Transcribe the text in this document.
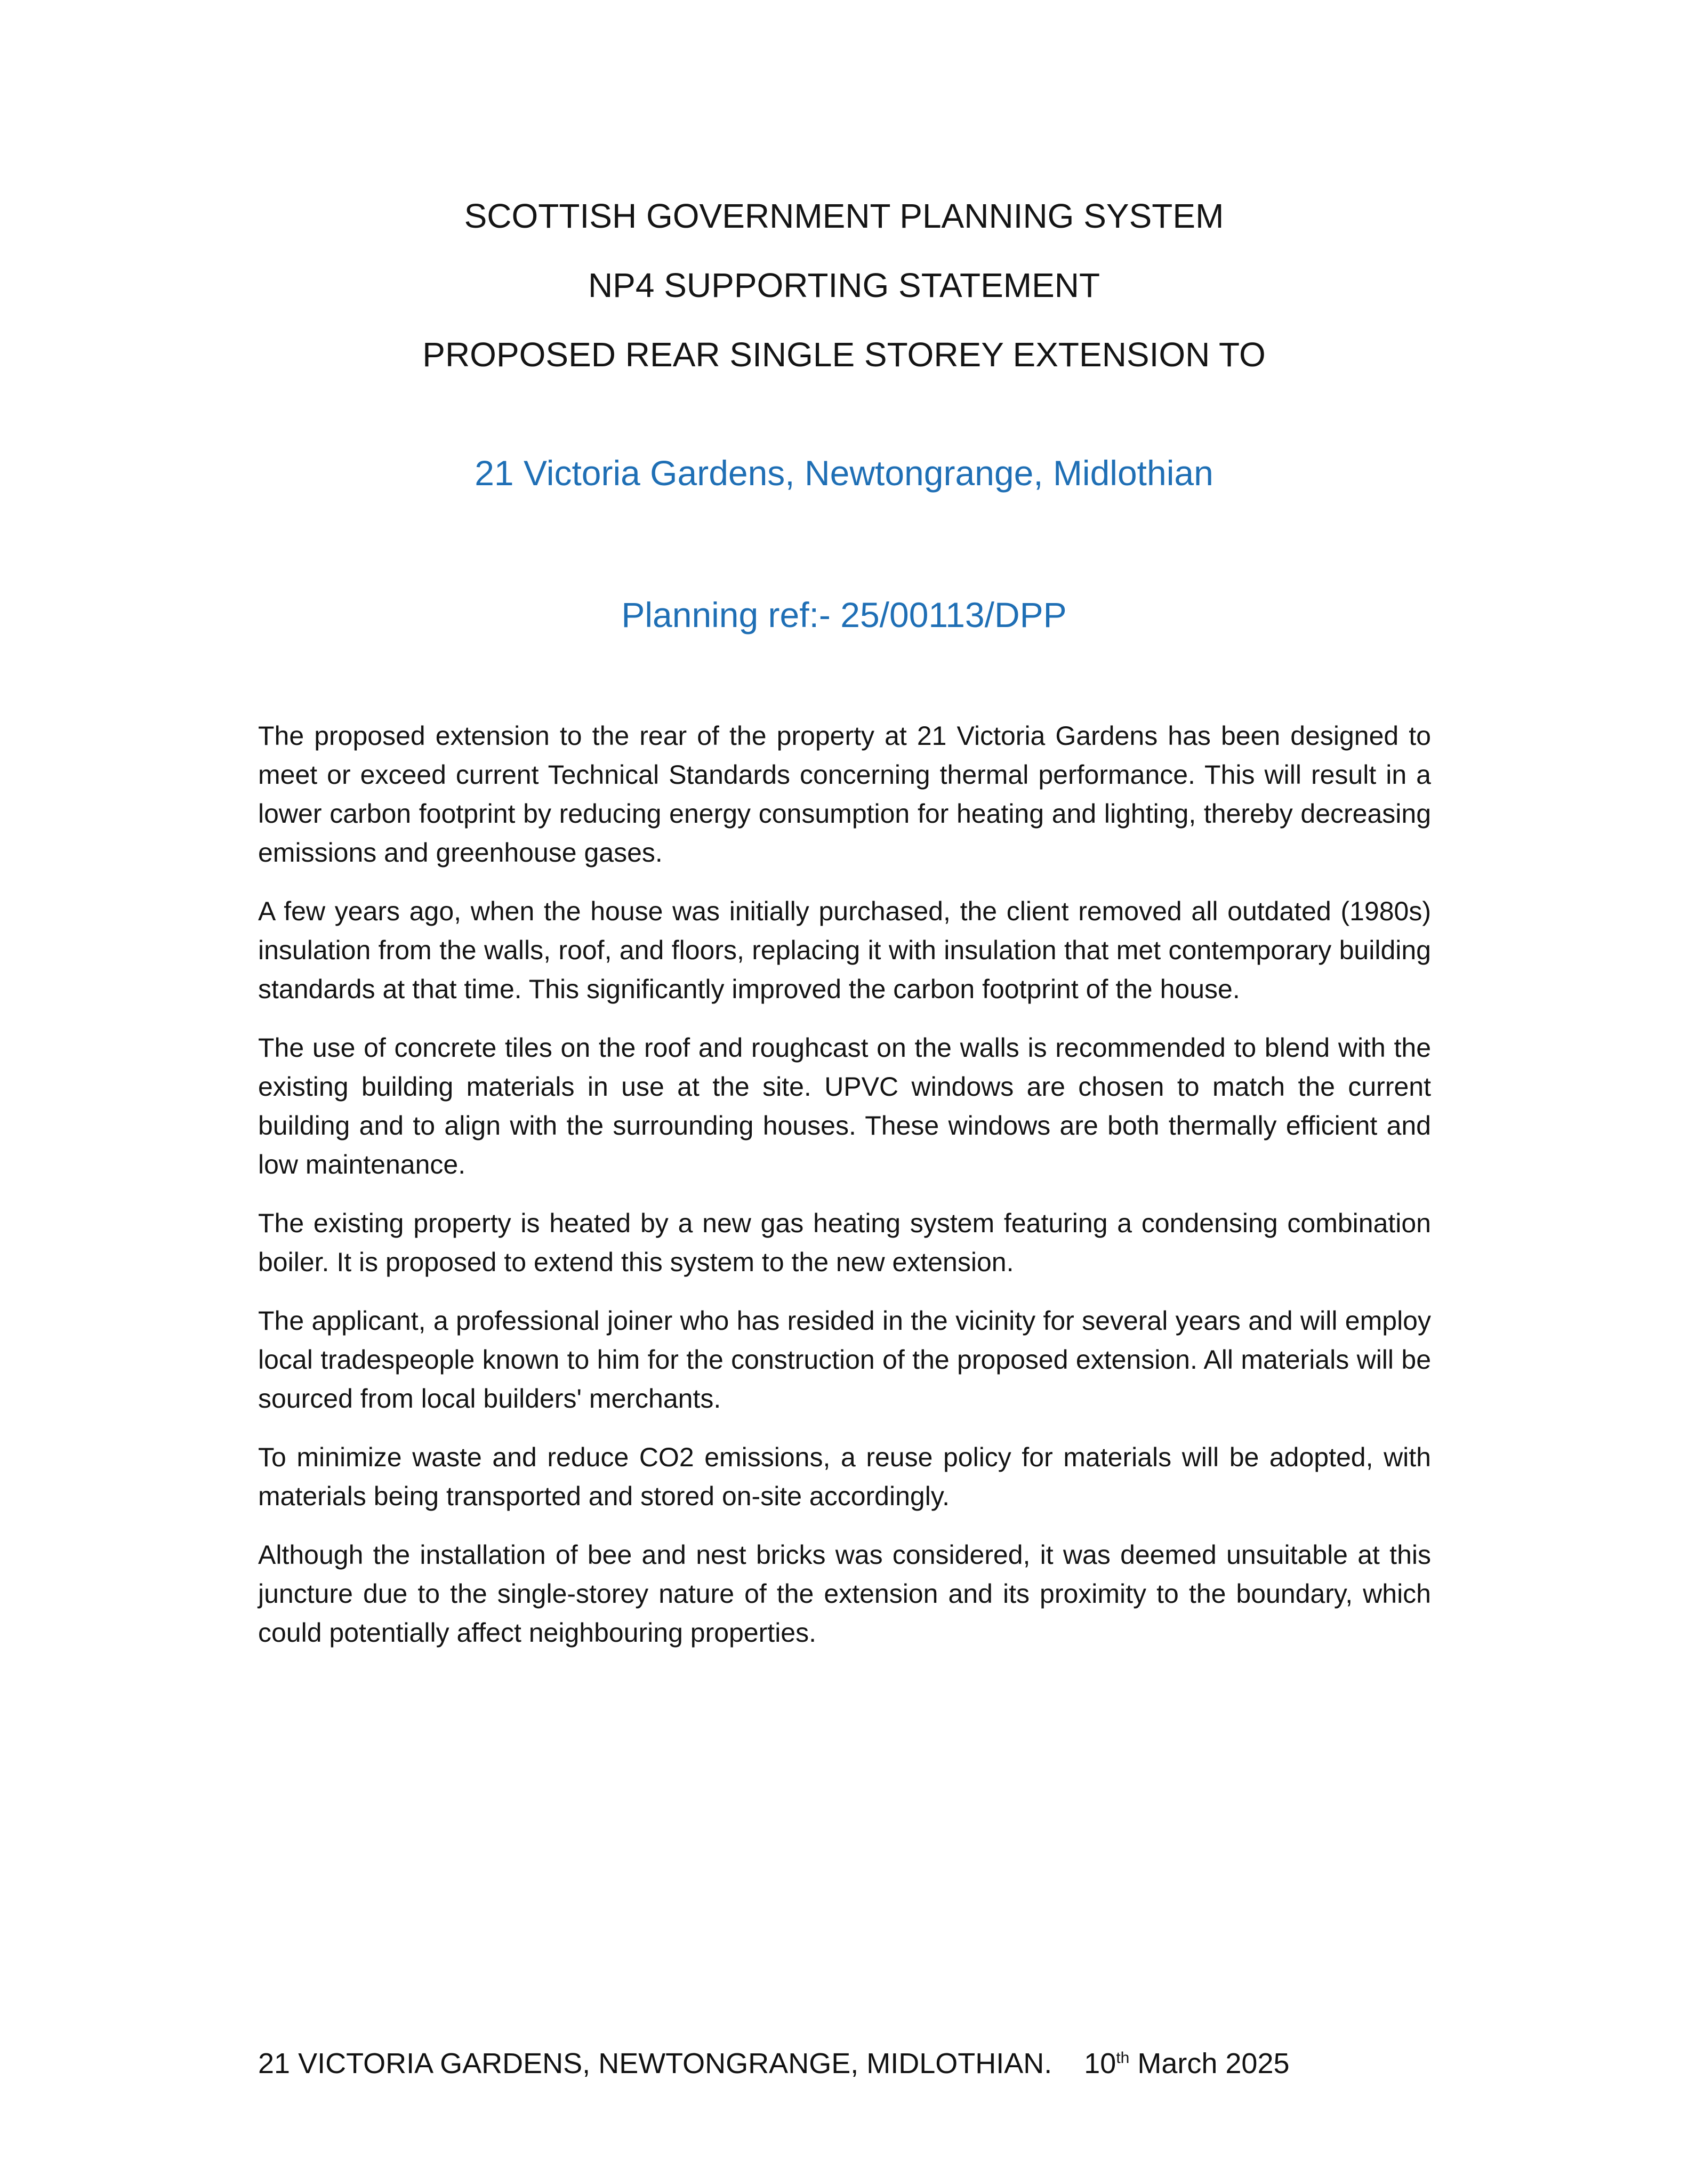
SCOTTISH GOVERNMENT PLANNING SYSTEM
NP4 SUPPORTING STATEMENT
PROPOSED REAR SINGLE STOREY EXTENSION TO
21 Victoria Gardens, Newtongrange, Midlothian
Planning ref:- 25/00113/DPP

The proposed extension to the rear of the property at 21 Victoria Gardens has been designed to meet or exceed current Technical Standards concerning thermal performance. This will result in a lower carbon footprint by reducing energy consumption for heating and lighting, thereby decreasing emissions and greenhouse gases.

A few years ago, when the house was initially purchased, the client removed all outdated (1980s) insulation from the walls, roof, and floors, replacing it with insulation that met contemporary building standards at that time. This significantly improved the carbon footprint of the house.

The use of concrete tiles on the roof and roughcast on the walls is recommended to blend with the existing building materials in use at the site. UPVC windows are chosen to match the current building and to align with the surrounding houses. These windows are both thermally efficient and low maintenance.

The existing property is heated by a new gas heating system featuring a condensing combination boiler. It is proposed to extend this system to the new extension.

The applicant, a professional joiner who has resided in the vicinity for several years and will employ local tradespeople known to him for the construction of the proposed extension. All materials will be sourced from local builders' merchants.

To minimize waste and reduce CO2 emissions, a reuse policy for materials will be adopted, with materials being transported and stored on-site accordingly.

Although the installation of bee and nest bricks was considered, it was deemed unsuitable at this juncture due to the single-storey nature of the extension and its proximity to the boundary, which could potentially affect neighbouring properties.

21 VICTORIA GARDENS, NEWTONGRANGE, MIDLOTHIAN. 10th March 2025
